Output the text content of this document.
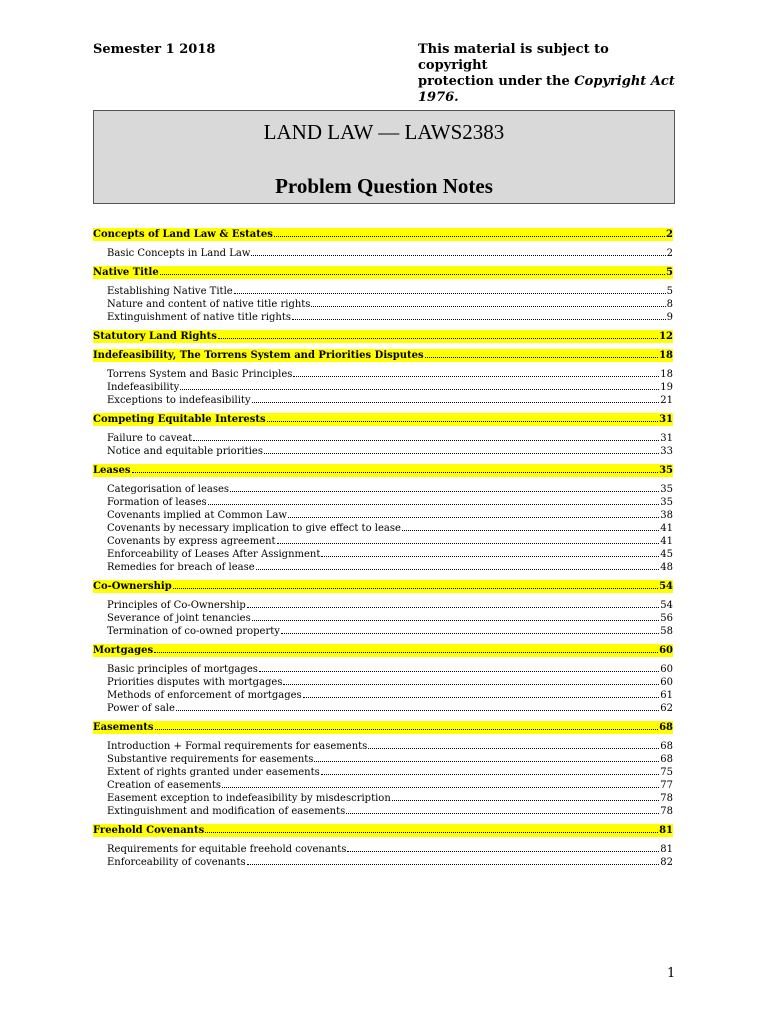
Semester 1 2018	This material is subject to copyright
protection under the Copyright Act
1976.
LAND LAW — LAWS2383
Problem Question Notes
Concepts of Land Law & Estates	2
Basic Concepts in Land Law	2
Native Title	5
Establishing Native Title	5
Nature and content of native title rights	8
Extinguishment of native title rights	9
Statutory Land Rights	12
Indefeasibility, The Torrens System and Priorities Disputes	18
Torrens System and Basic Principles	18
Indefeasibility	19
Exceptions to indefeasibility	21
Competing Equitable Interests	31
Failure to caveat	31
Notice and equitable priorities	33
Leases	35
Categorisation of leases	35
Formation of leases	35
Covenants implied at Common Law	38
Covenants by necessary implication to give effect to lease	41
Covenants by express agreement	41
Enforceability of Leases After Assignment	45
Remedies for breach of lease	48
Co-Ownership	54
Principles of Co-Ownership	54
Severance of joint tenancies	56
Termination of co-owned property	58
Mortgages	60
Basic principles of mortgages	60
Priorities disputes with mortgages	60
Methods of enforcement of mortgages	61
Power of sale	62
Easements	68
Introduction + Formal requirements for easements	68
Substantive requirements for easements	68
Extent of rights granted under easements	75
Creation of easements	77
Easement exception to indefeasibility by misdescription	78
Extinguishment and modification of easements	78
Freehold Covenants	81
Requirements for equitable freehold covenants	81
Enforceability of covenants	82
1
